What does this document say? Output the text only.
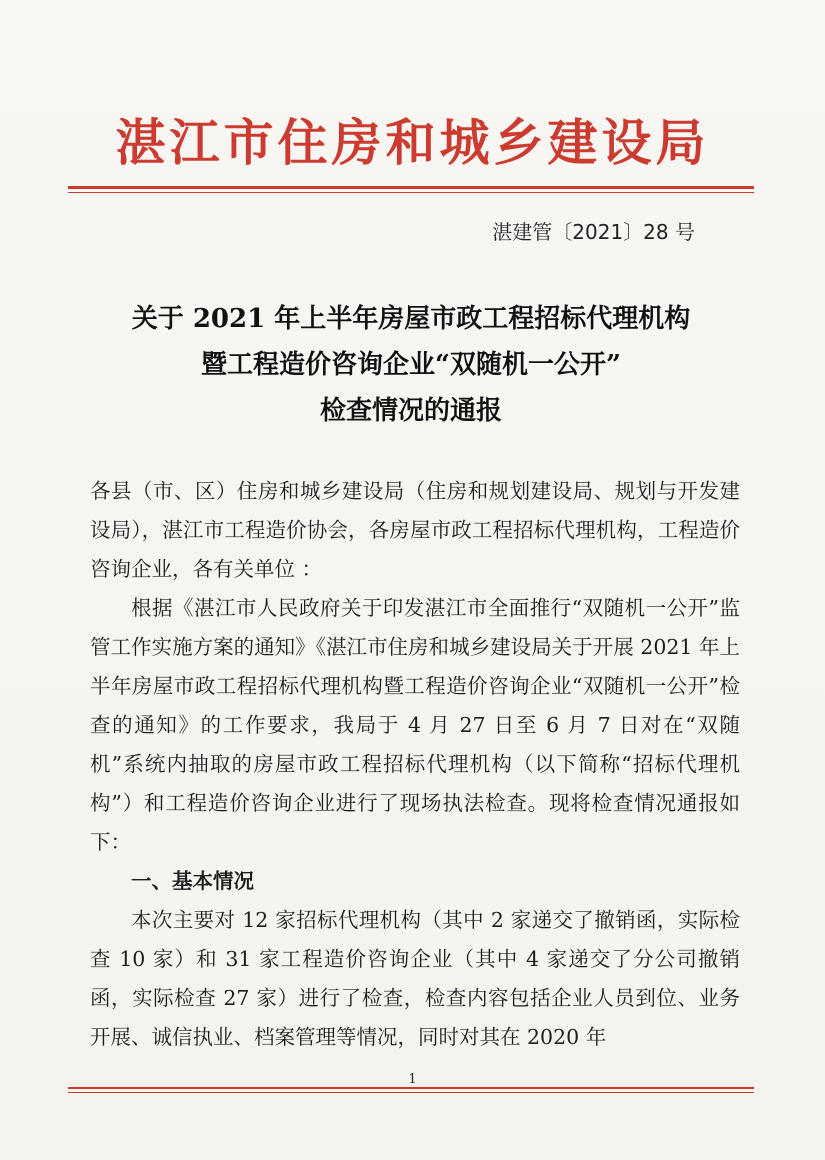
湛江市住房和城乡建设局
湛建管〔2021〕28 号
关于 2021 年上半年房屋市政工程招标代理机构
暨工程造价咨询企业“双随机一公开”
检查情况的通报

各县（市、区）住房和城乡建设局（住房和规划建设局、规划与开发建设局），湛江市工程造价协会，各房屋市政工程招标代理机构，工程造价咨询企业，各有关单位 ：

根据《湛江市人民政府关于印发湛江市全面推行“双随机一公开”监管工作实施方案的通知》《湛江市住房和城乡建设局关于开展 2021 年上半年房屋市政工程招标代理机构暨工程造价咨询企业“双随机一公开”检查的通知》的工作要求，我局于 4 月 27 日至 6 月 7 日对在“双随机”系统内抽取的房屋市政工程招标代理机构（以下简称“招标代理机构”）和工程造价咨询企业进行了现场执法检查。现将检查情况通报如下：

一、基本情况

本次主要对 12 家招标代理机构（其中 2 家递交了撤销函，实际检查 10 家）和 31 家工程造价咨询企业（其中 4 家递交了分公司撤销函，实际检查 27 家）进行了检查，检查内容包括企业人员到位、业务开展、诚信执业、档案管理等情况，同时对其在 2020 年

1
